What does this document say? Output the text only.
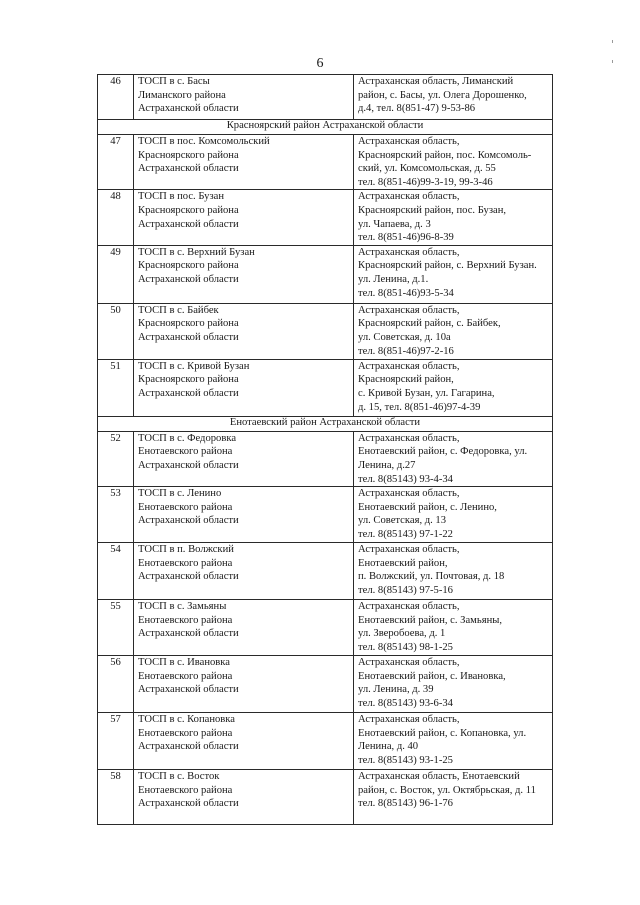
6
46	ТОСП в с. Басы
Лиманского района
Астраханской области	Астраханская область, Лиманский
район, с. Басы, ул. Олега Дорошенко,
д.4, тел. 8(851-47) 9-53-86
Красноярский район Астраханской области		
47	ТОСП в пос. Комсомольский
Красноярского района
Астраханской области	Астраханская область,
Красноярский район, пос. Комсомоль-
ский, ул. Комсомольская, д. 55
тел. 8(851-46)99-3-19, 99-3-46
48	ТОСП в пос. Бузан
Красноярского района
Астраханской области	Астраханская область,
Красноярский район, пос. Бузан,
ул. Чапаева, д. 3
тел. 8(851-46)96-8-39
49	ТОСП в с. Верхний Бузан
Красноярского района
Астраханской области	Астраханская область,
Красноярский район, с. Верхний Бузан.
ул. Ленина, д.1.
тел. 8(851-46)93-5-34
50	ТОСП в с. Байбек
Красноярского района
Астраханской области	Астраханская область,
Красноярский район, с. Байбек,
ул. Советская, д. 10а
тел. 8(851-46)97-2-16
51	ТОСП в с. Кривой Бузан
Красноярского района
Астраханской области	Астраханская область,
Красноярский район,
с. Кривой Бузан, ул. Гагарина,
д. 15, тел. 8(851-46)97-4-39
Енотаевский район Астраханской области		
52	ТОСП в с. Федоровка
Енотаевского района
Астраханской области	Астраханская область,
Енотаевский район, с. Федоровка, ул.
Ленина, д.27
тел. 8(85143) 93-4-34
53	ТОСП в с. Ленино
Енотаевского района
Астраханской области	Астраханская область,
Енотаевский район, с. Ленино,
ул. Советская, д. 13
тел. 8(85143) 97-1-22
54	ТОСП в п. Волжский
Енотаевского района
Астраханской области	Астраханская область,
Енотаевский район,
п. Волжский, ул. Почтовая, д. 18
тел. 8(85143) 97-5-16
55	ТОСП в с. Замьяны
Енотаевского района
Астраханской области	Астраханская область,
Енотаевский район, с. Замьяны,
ул. Зверобоева, д. 1
тел. 8(85143) 98-1-25
56	ТОСП в с. Ивановка
Енотаевского района
Астраханской области	Астраханская область,
Енотаевский район, с. Ивановка,
ул. Ленина, д. 39
тел. 8(85143) 93-6-34
57	ТОСП в с. Копановка
Енотаевского района
Астраханской области	Астраханская область,
Енотаевский район, с. Копановка, ул.
Ленина, д. 40
тел. 8(85143) 93-1-25
58	ТОСП в с. Восток
Енотаевского района
Астраханской области	Астраханская область, Енотаевский
район, с. Восток, ул. Октябрьская, д. 11
тел. 8(85143) 96-1-76
